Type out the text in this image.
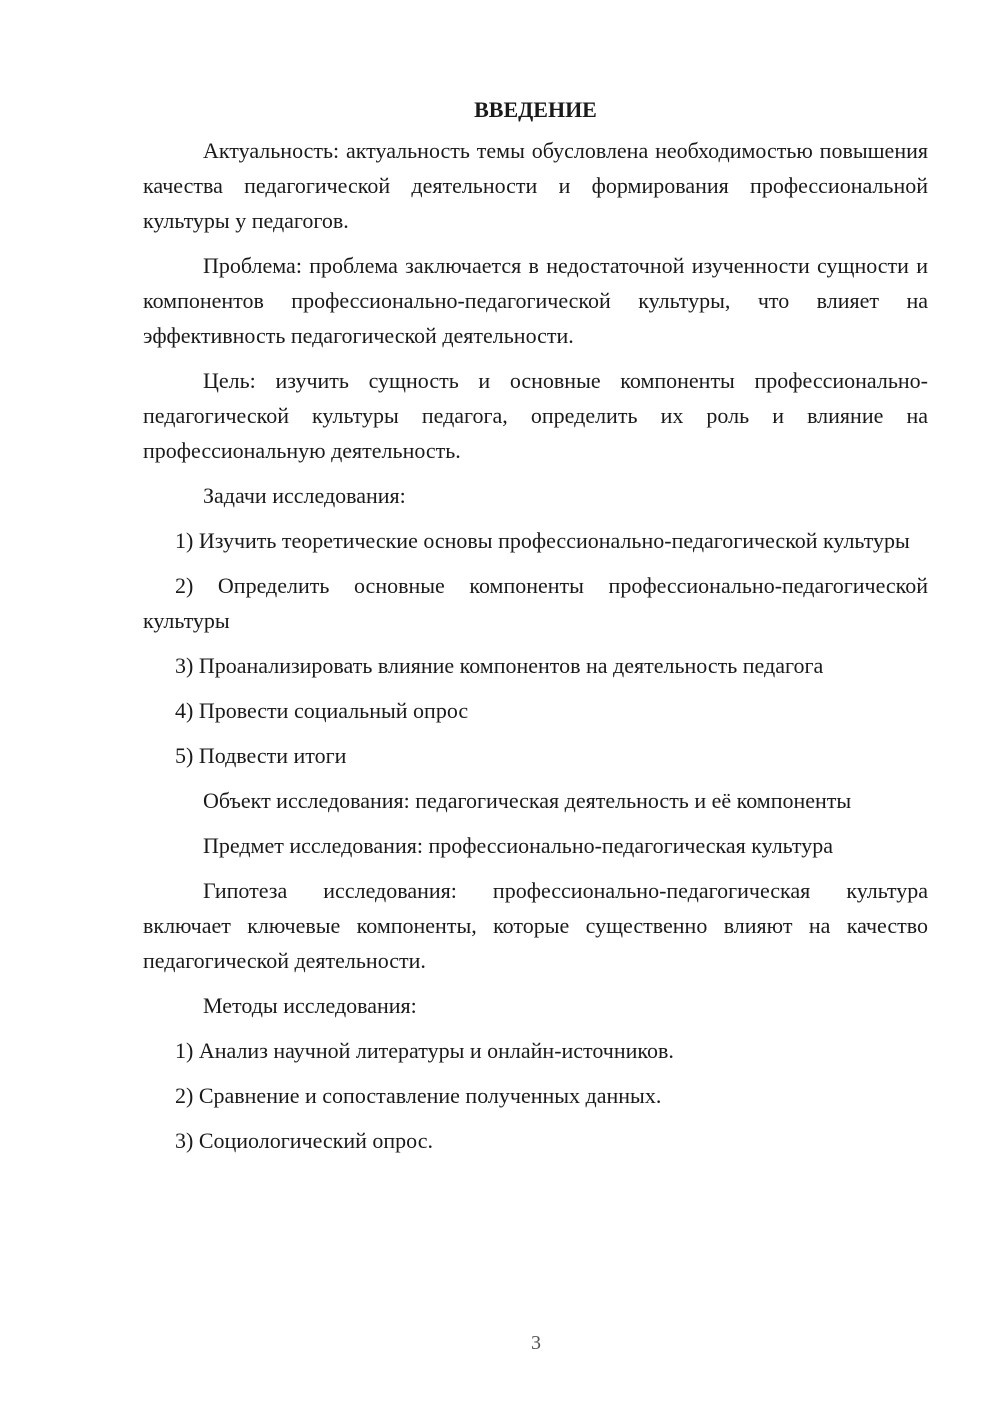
ВВЕДЕНИЕ

Актуальность: актуальность темы обусловлена необходимостью повышения качества педагогической деятельности и формирования профессиональной культуры у педагогов.

Проблема: проблема заключается в недостаточной изученности сущности и компонентов профессионально-педагогической культуры, что влияет на эффективность педагогической деятельности.

Цель: изучить сущность и основные компоненты профессионально-педагогической культуры педагога, определить их роль и влияние на профессиональную деятельность.

Задачи исследования:

1) Изучить теоретические основы профессионально-педагогической культуры

2) Определить основные компоненты профессионально-педагогической культуры

3) Проанализировать влияние компонентов на деятельность педагога

4) Провести социальный опрос

5) Подвести итоги

Объект исследования: педагогическая деятельность и её компоненты

Предмет исследования: профессионально-педагогическая культура

Гипотеза исследования: профессионально-педагогическая культура включает ключевые компоненты, которые существенно влияют на качество педагогической деятельности.

Методы исследования:

1) Анализ научной литературы и онлайн-источников.

2) Сравнение и сопоставление полученных данных.

3) Социологический опрос.

3
